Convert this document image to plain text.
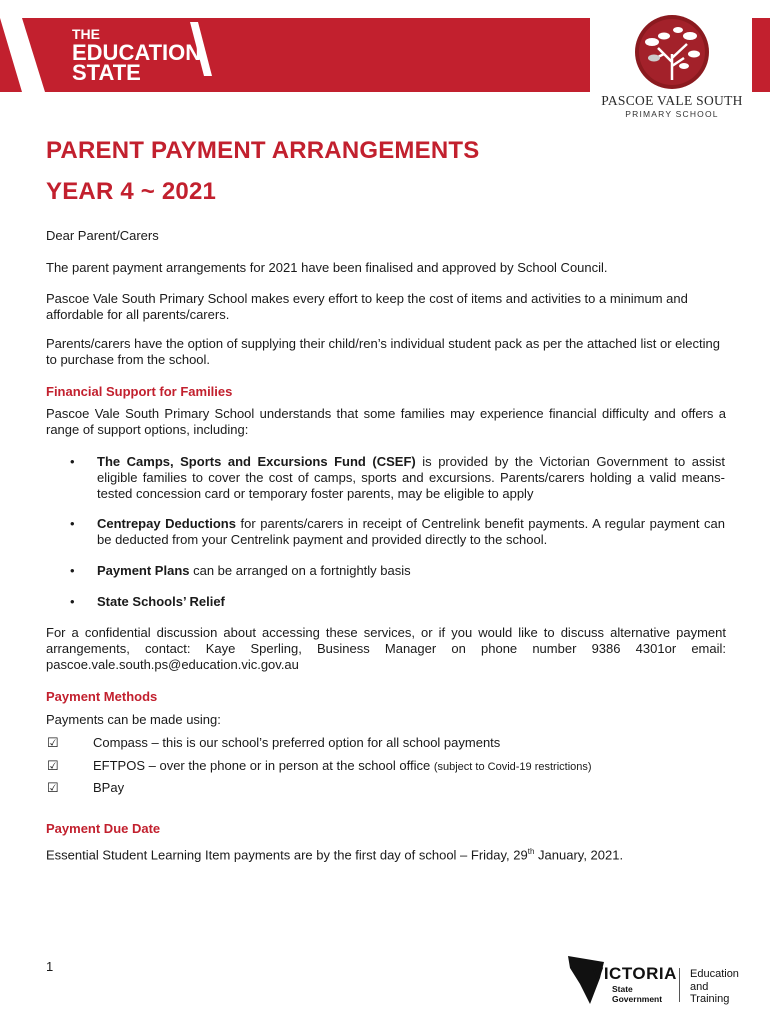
THE
EDUCATION
STATE
PASCOE VALE SOUTH
PRIMARY SCHOOL
PARENT PAYMENT ARRANGEMENTS
YEAR 4 ~ 2021
Dear Parent/Carers
The parent payment arrangements for 2021 have been finalised and approved by School Council.
Pascoe Vale South Primary School makes every effort to keep the cost of items and activities to a minimum and affordable for all parents/carers.
Parents/carers have the option of supplying their child/ren’s individual student pack as per the attached list or electing to purchase from the school.
Financial Support for Families
Pascoe Vale South Primary School understands that some families may experience financial difficulty and offers a range of support options, including:
• The Camps, Sports and Excursions Fund (CSEF) is provided by the Victorian Government to assist eligible families to cover the cost of camps, sports and excursions. Parents/carers holding a valid means-tested concession card or temporary foster parents, may be eligible to apply
• Centrepay Deductions for parents/carers in receipt of Centrelink benefit payments. A regular payment can be deducted from your Centrelink payment and provided directly to the school.
• Payment Plans can be arranged on a fortnightly basis
• State Schools’ Relief
For a confidential discussion about accessing these services, or if you would like to discuss alternative payment arrangements, contact: Kaye Sperling, Business Manager on phone number 9386 4301or email: pascoe.vale.south.ps@education.vic.gov.au
Payment Methods
Payments can be made using:
☑	Compass – this is our school’s preferred option for all school payments
☑	EFTPOS – over the phone or in person at the school office (subject to Covid-19 restrictions)
☑	BPay
Payment Due Date
Essential Student Learning Item payments are by the first day of school – Friday, 29th January, 2021.
1	VICTORIA
State
Government
Education
and Training
